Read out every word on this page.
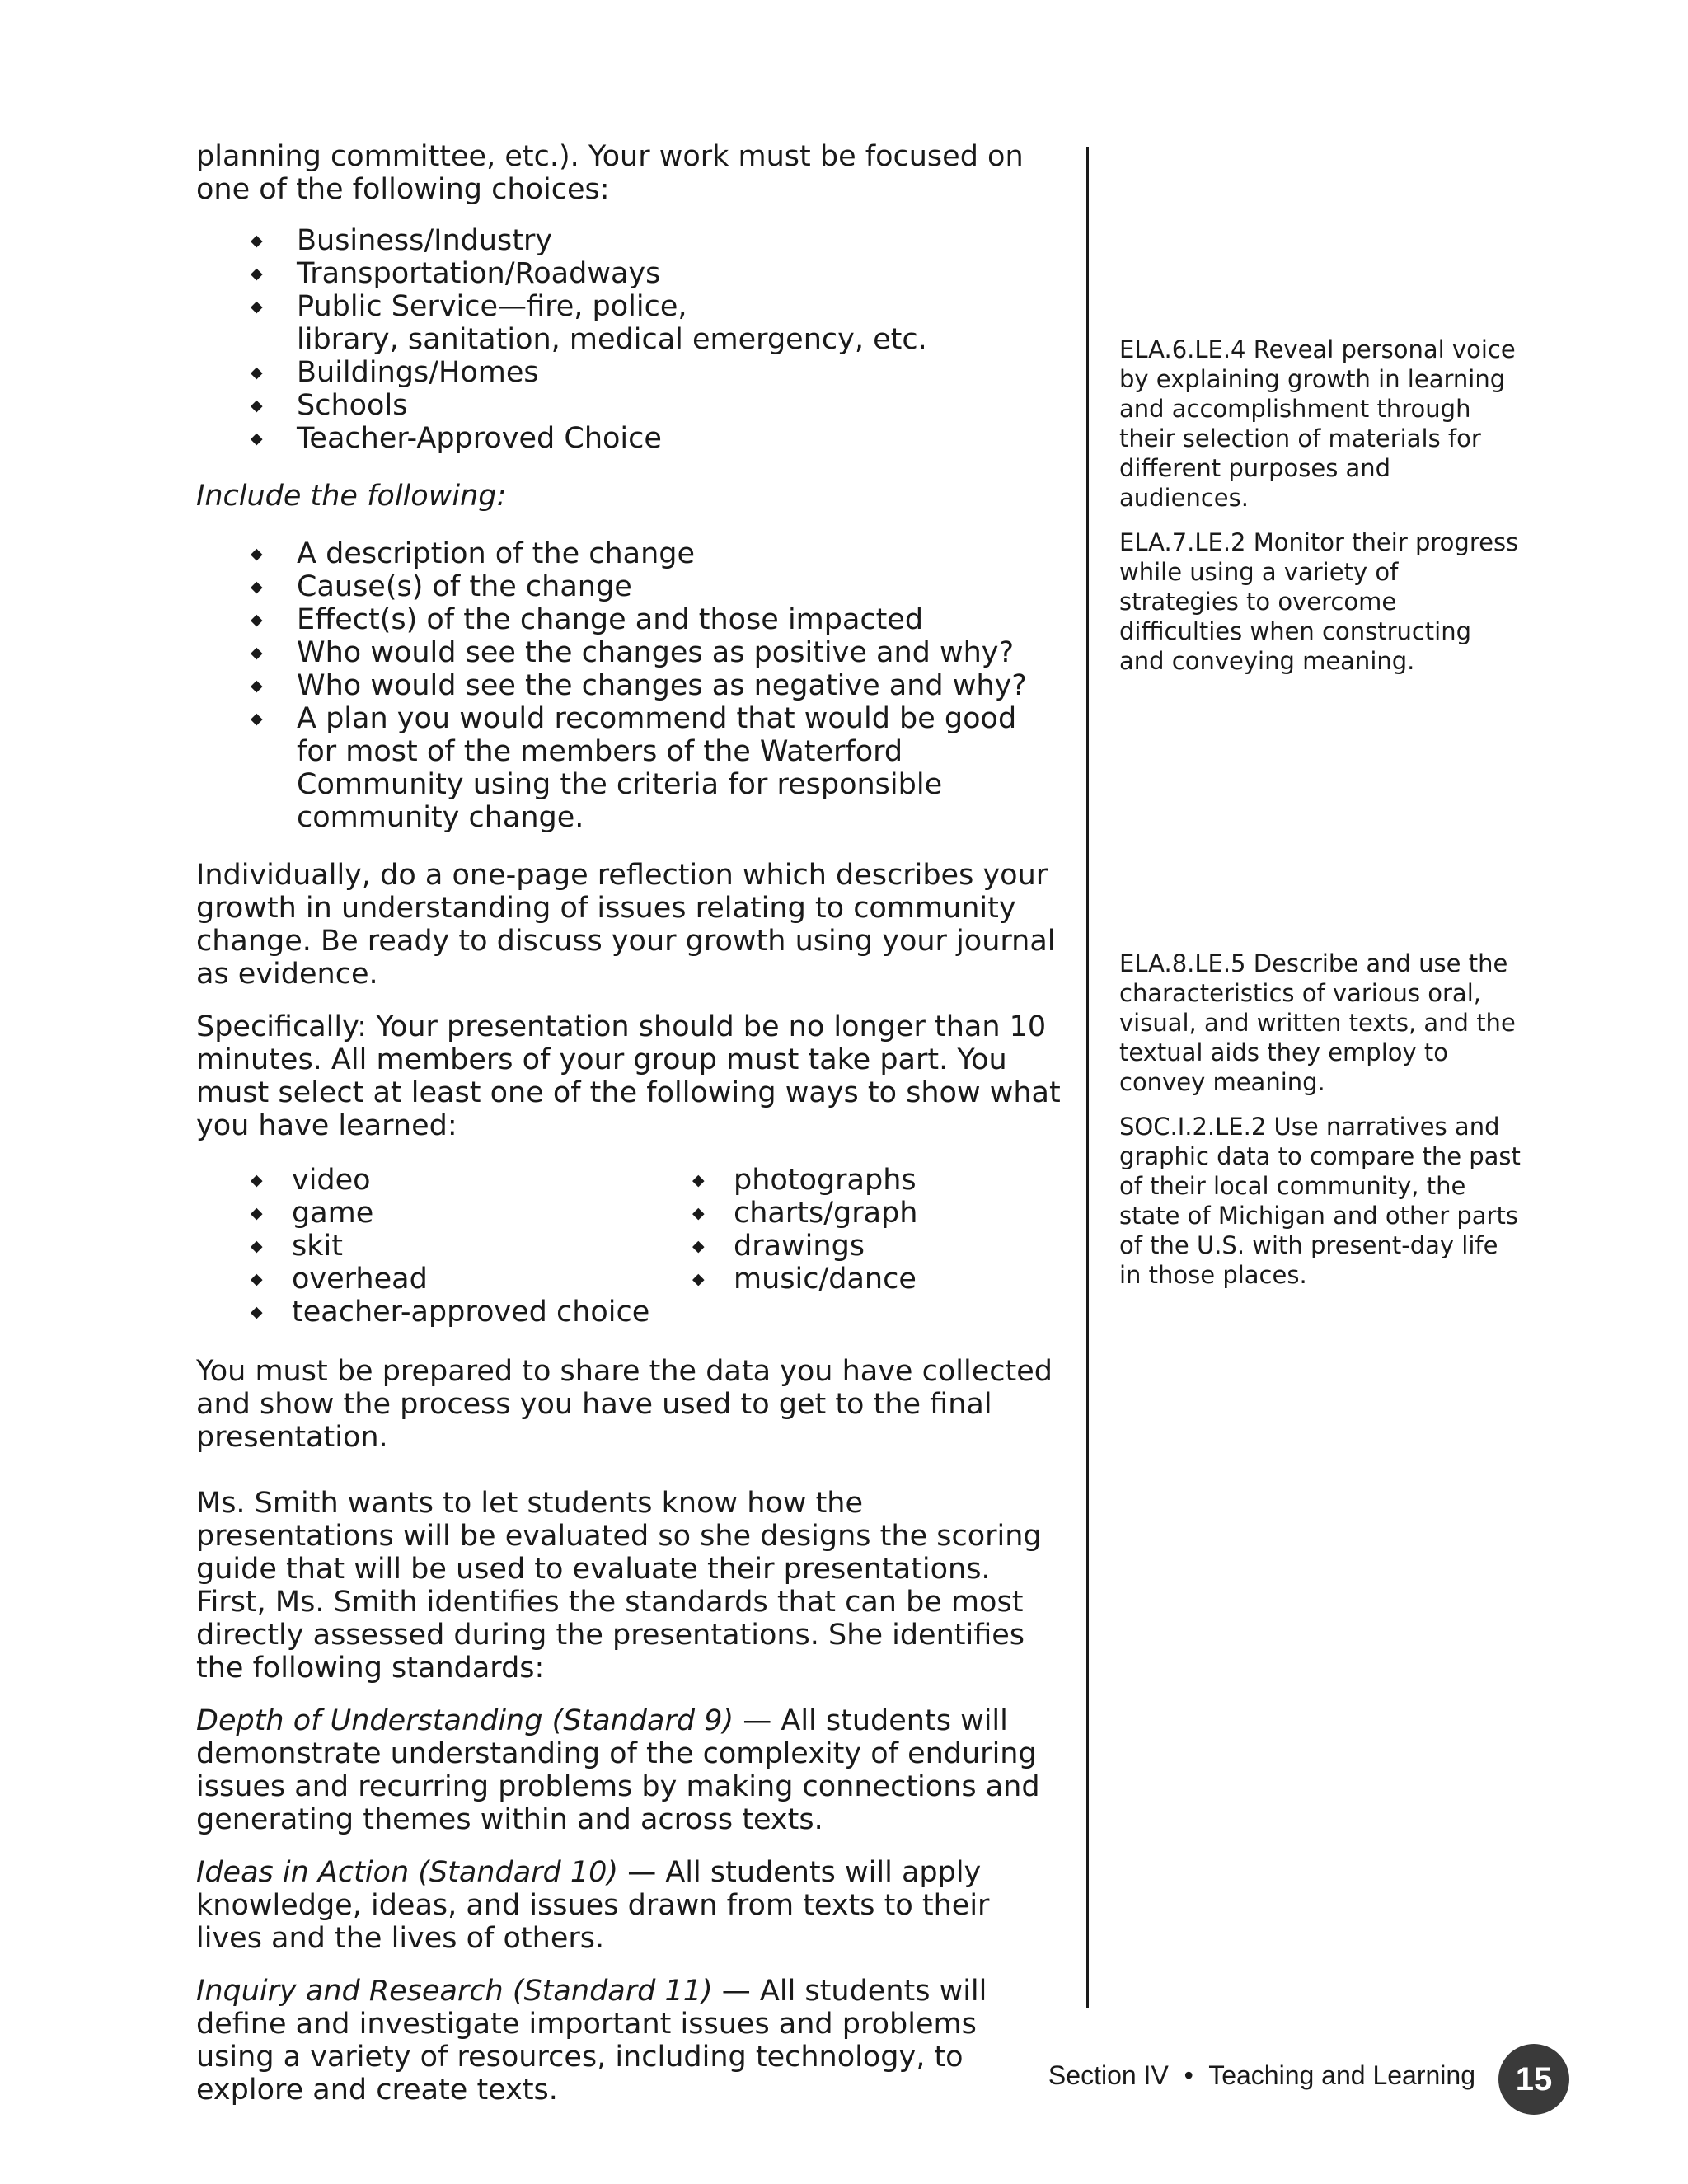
planning committee, etc.). Your work must be focused on one of the following choices:

◆ Business/Industry
◆ Transportation/Roadways
◆ Public Service—fire, police,
library, sanitation, medical emergency, etc.
◆ Buildings/Homes
◆ Schools
◆ Teacher-Approved Choice

Include the following:

◆ A description of the change
◆ Cause(s) of the change
◆ Effect(s) of the change and those impacted
◆ Who would see the changes as positive and why?
◆ Who would see the changes as negative and why?
◆ A plan you would recommend that would be good for most of the members of the Waterford Community using the criteria for responsible community change.

Individually, do a one-page reflection which describes your growth in understanding of issues relating to community change. Be ready to discuss your growth using your journal as evidence.

Specifically: Your presentation should be no longer than 10 minutes. All members of your group must take part. You must select at least one of the following ways to show what you have learned:

◆ video
◆ game
◆ skit
◆ overhead
◆ teacher-approved choice
◆ photographs
◆ charts/graph
◆ drawings
◆ music/dance

You must be prepared to share the data you have collected and show the process you have used to get to the final presentation.

Ms. Smith wants to let students know how the presentations will be evaluated so she designs the scoring guide that will be used to evaluate their presentations. First, Ms. Smith identifies the standards that can be most directly assessed during the presentations. She identifies the following standards:

Depth of Understanding (Standard 9) — All students will demonstrate understanding of the complexity of enduring issues and recurring problems by making connections and generating themes within and across texts.

Ideas in Action (Standard 10) — All students will apply knowledge, ideas, and issues drawn from texts to their lives and the lives of others.

Inquiry and Research (Standard 11) — All students will define and investigate important issues and problems using a variety of resources, including technology, to explore and create texts.

ELA.6.LE.4 Reveal personal voice by explaining growth in learning and accomplishment through their selection of materials for different purposes and audiences.

ELA.7.LE.2 Monitor their progress while using a variety of strategies to overcome difficulties when constructing and conveying meaning.

ELA.8.LE.5 Describe and use the characteristics of various oral, visual, and written texts, and the textual aids they employ to convey meaning.

SOC.I.2.LE.2 Use narratives and graphic data to compare the past of their local community, the state of Michigan and other parts of the U.S. with present-day life in those places.

Section IV • Teaching and Learning	15
